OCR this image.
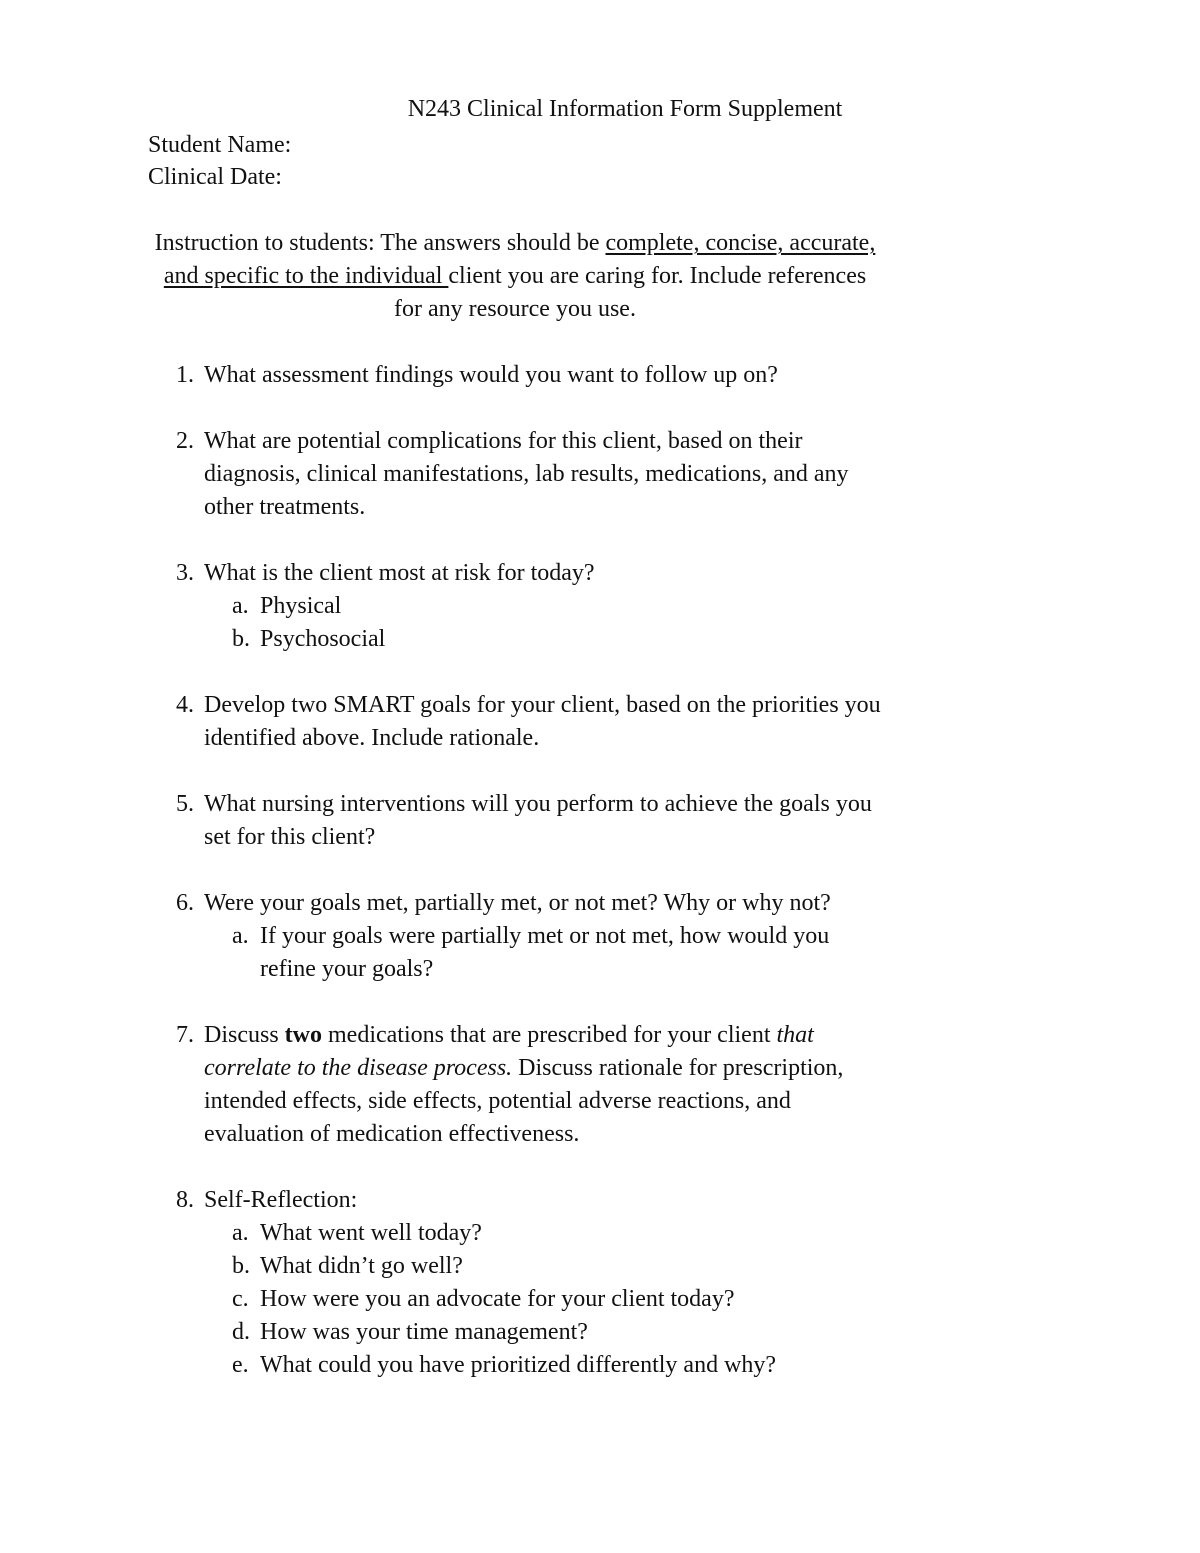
N243 Clinical Information Form Supplement
Student Name:
Clinical Date:

Instruction to students: The answers should be complete, concise, accurate, and specific to the individual client you are caring for. Include references for any resource you use.

1. What assessment findings would you want to follow up on?
2. What are potential complications for this client, based on their diagnosis, clinical manifestations, lab results, medications, and any other treatments.
3. What is the client most at risk for today?
a. Physical
b. Psychosocial
4. Develop two SMART goals for your client, based on the priorities you identified above. Include rationale.
5. What nursing interventions will you perform to achieve the goals you set for this client?
6. Were your goals met, partially met, or not met? Why or why not?
a. If your goals were partially met or not met, how would you refine your goals?
7. Discuss two medications that are prescribed for your client that correlate to the disease process. Discuss rationale for prescription, intended effects, side effects, potential adverse reactions, and evaluation of medication effectiveness.
8. Self-Reflection:
a. What went well today?
b. What didn’t go well?
c. How were you an advocate for your client today?
d. How was your time management?
e. What could you have prioritized differently and why?
